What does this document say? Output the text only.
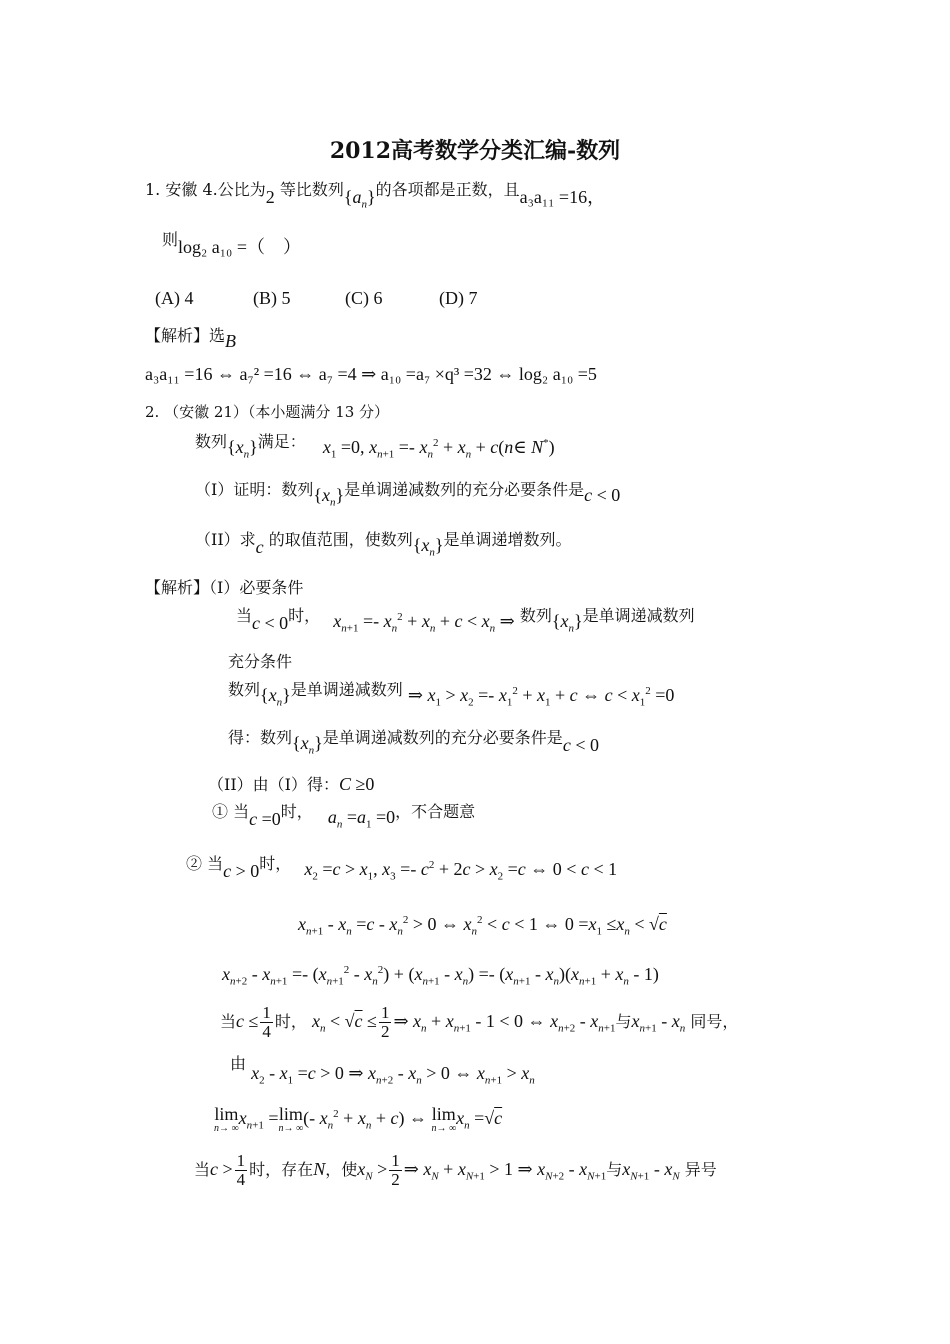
2012高考数学分类汇编-数列
1. 安徽 4.公比为2 等比数列$\{a_n\}$的各项都是正数，且a₃a₁₁ =16，
则log₂ a₁₀ =（　）
(A) 4	(B) 5	(C) 6	(D) 7
【解析】选B
a₃a₁₁ =16 ⇔ a₇² =16 ⇔ a₇ =4 ⇒ a₁₀ =a₇ ×q³ =32 ⇔ log₂ a₁₀ =5
2. （安徽 21）（本小题满分 13 分）
数列$\{x_n\}$满足： $x_1 =0$, $x_{n+1} =- x_n^2 + x_n$ + c(n∈ N*)
（I）证明：数列$\{x_n\}$是单调递减数列的充分必要条件是c < 0
（II）求c 的取值范围，使数列$\{x_n\}$是单调递增数列。
【解析】（I）必要条件
当c < 0时， $x_{n+1} =- x_n^2 + x_n + c < x_n$ ⇒ 数列$\{x_n\}$是单调递减数列
充分条件
数列$\{x_n\}$是单调递减数列 ⇒ $x_1 > x_2 =- x_1^2 + x_1 + c$ ⇔ $c < x_1^2 =0$
得：数列$\{x_n\}$是单调递减数列的充分必要条件是c < 0
（II）由（I）得：C ≥0
① 当c =0时， $a_n =a_1 =0$，不合题意
② 当c > 0时， $x_2 =c > x_1$, $x_3 =- c^2 + 2c > x_2 =c$ ⇔ 0 < c < 1
$x_{n+1} - x_n =c - x_n^2 > 0$ ⇔ $x_n^2 < c < 1$ ⇔ $0 =x_1 \le x_n < √c$
$x_{n+2} - x_{n+1} =- (x_{n+1}^2 - x_n^2) + (x_{n+1} - x_n) =- (x_{n+1} - x_n)(x_{n+1} + x_n - 1)$
当$c \le \frac{1}{4}$ 时， $x_n < √c \le \frac{1}{2}$ ⇒ $x_n + x_{n+1} - 1 < 0$ ⇔ $x_{n+2} - x_{n+1}$与$x_{n+1} - x_n$ 同号，
由 $x_2 - x_1 =c > 0$ ⇒ $x_{n+2} - x_n > 0$ ⇔ $x_{n+1} > x_n$
lim
n→ ∞
$x_{n+1} =\lim$
n→ ∞
(- $x_n^2 + x_n + c$) ⇔ lim
n→ ∞
$x_n =√c$
当$c > \frac{1}{4}$ 时，存在N，使$x_N > \frac{1}{2}$ ⇒ $x_N + x_{N+1} > 1$ ⇒ $x_{N+2} - x_{N+1}$与$x_{N+1} - x_N$ 异号
